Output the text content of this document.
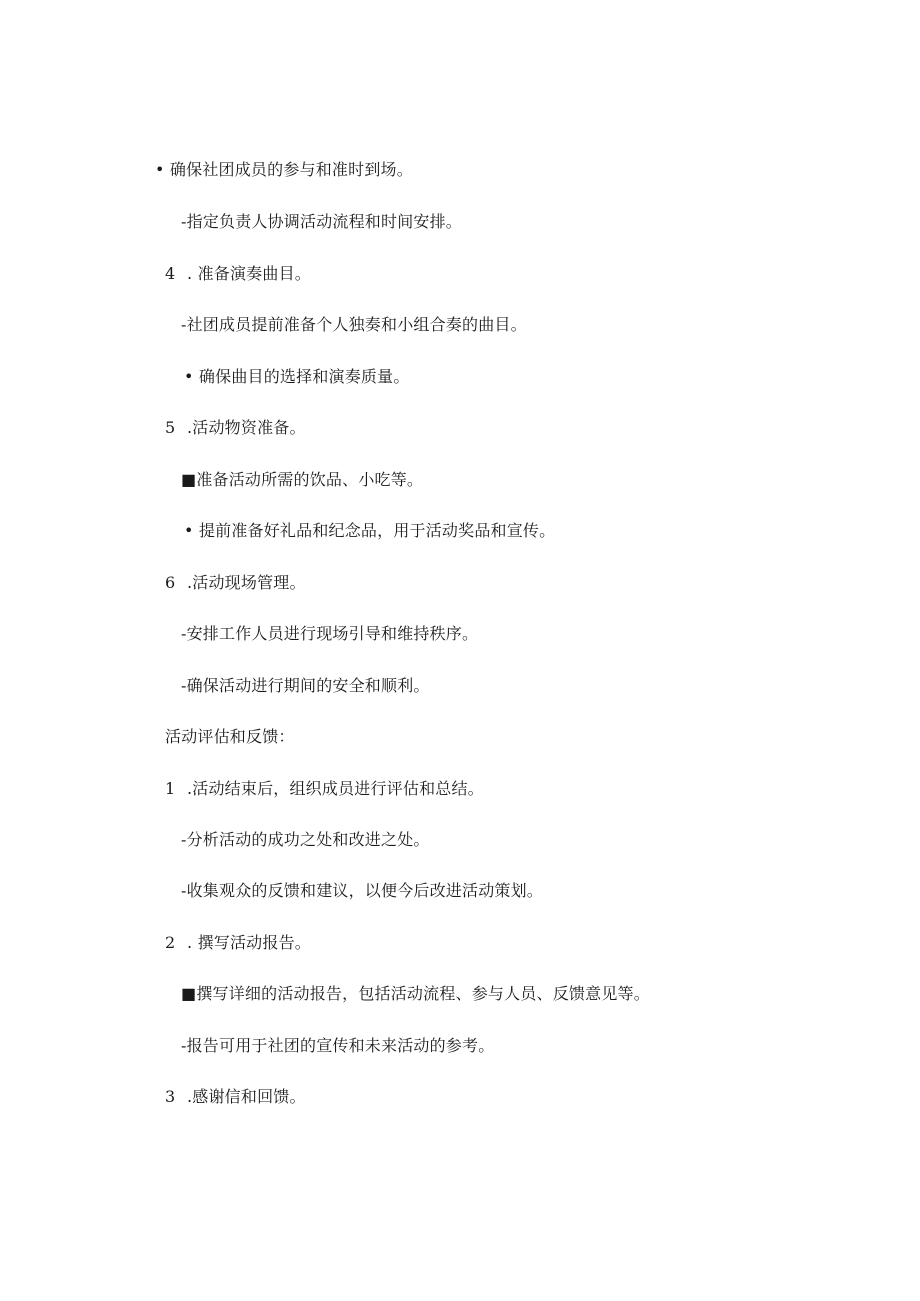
• 确保社团成员的参与和准时到场。
-指定负责人协调活动流程和时间安排。
4 . 准备演奏曲目。
-社团成员提前准备个人独奏和小组合奏的曲目。
• 确保曲目的选择和演奏质量。
5 .活动物资准备。
■准备活动所需的饮品、小吃等。
• 提前准备好礼品和纪念品，用于活动奖品和宣传。
6 .活动现场管理。
-安排工作人员进行现场引导和维持秩序。
-确保活动进行期间的安全和顺利。
活动评估和反馈：
1 .活动结束后，组织成员进行评估和总结。
-分析活动的成功之处和改进之处。
-收集观众的反馈和建议，以便今后改进活动策划。
2 . 撰写活动报告。
■撰写详细的活动报告，包括活动流程、参与人员、反馈意见等。
-报告可用于社团的宣传和未来活动的参考。
3 .感谢信和回馈。
